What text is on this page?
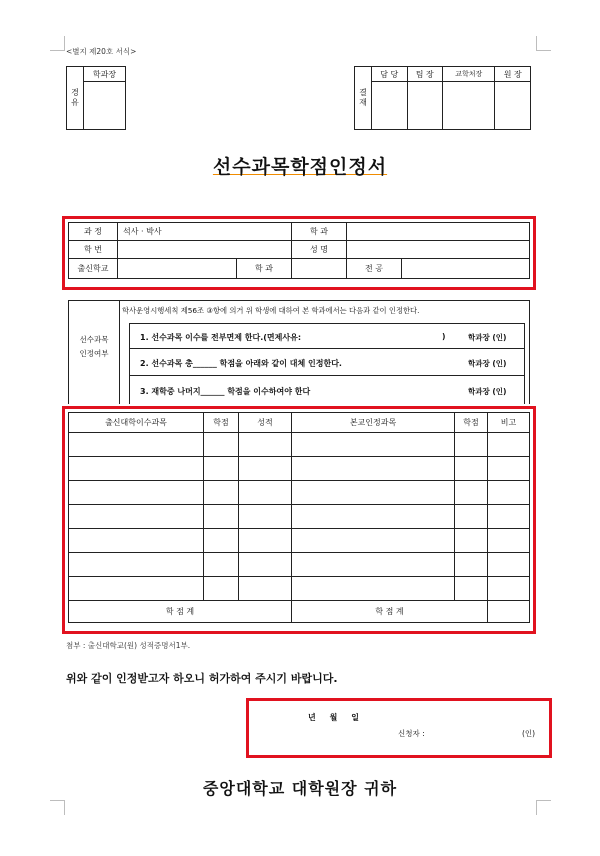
<별지 제20호 서식>
경유
	학과장

결재	담 당	팀 장	교학처장	원 장

선수과목학점인정서
과 정	석사 · 박사		학 과		
학 번			성 명		
출신학교		학 과		전 공	
선수과목
인정여부
학사운영시행세칙 제56조 ③항에 의거 위 학생에 대하여 본 학과에서는 다음과 같이 인정한다.
1. 선수과목 이수를 전부면제 한다.(면제사유:	)	학과장 (인)
2. 선수과목 총______ 학점을 아래와 같이 대체 인정한다.	학과장 (인)
3. 재학중 나머지______ 학점을 이수하여야 한다	학과장 (인)
출신대학이수과목	학점	성적	본교인정과목	학점	비고

학 점 계			학 점 계		
첨부 : 출신대학교(원) 성적증명서1부.
위와 같이 인정받고자 하오니 허가하여 주시기 바랍니다.
년     월     일
신청자 :	(인)
중앙대학교 대학원장 귀하
